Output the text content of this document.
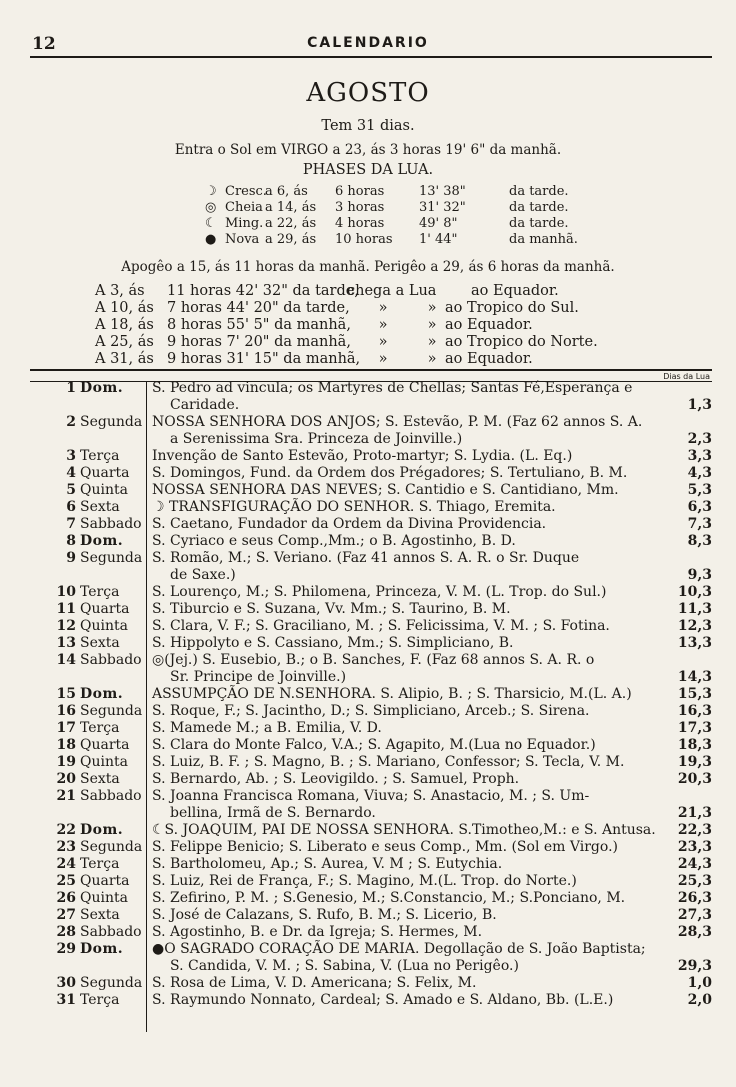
12	CALENDARIO
AGOSTO
Tem 31 dias.
Entra o Sol em VIRGO a 23, ás 3 horas 19' 6" da manhã.
PHASES DA LUA.
☽ Cresc.a 6, ás 6 horas	13' 38"	da tarde.
◎ Cheia a 14, ás 3 horas	31' 32"	da tarde.
☾ Ming. a 22, ás 4 horas	49' 8"	da tarde.
● Nova a 29, ás 10 horas 1' 44"	da manhã.
Apogêo a 15, ás 11 horas da manhã. Perigêo a 29, ás 6 horas da manhã.
A 3, ás 11 horas 42' 32" da tarde,chega a Lua ao Equador.
A 10, ás 7 horas 44' 20" da tarde, »	» ao Tropico do Sul.
A 18, ás 8 horas 55' 5" da manhã, »	» ao Equador.
A 25, ás 9 horas 7' 20" da manhã, »	» ao Tropico do Norte.
A 31, ás 9 horas 31' 15" da manhã, »	» ao Equador.
Dias da Lua
1 Dom. S. Pedro ad vincula; os Martyres de Chellas; Santas Fé,Esperança e
Caridade.	1,3
2 Segunda NOSSA SENHORA DOS ANJOS; S. Estevão, P. M. (Faz 62 annos S. A.
a Serenissima Sra. Princeza de Joinville.)	2,3
3 Terça Invenção de Santo Estevão, Proto-martyr; S. Lydia. (L. Eq.)	3,3
4 Quarta S. Domingos, Fund. da Ordem dos Prégadores; S. Tertuliano, B. M.	4,3
5 Quinta NOSSA SENHORA DAS NEVES; S. Cantidio e S. Cantidiano, Mm.	5,3
6 Sexta ☽ TRANSFIGURAÇÃO DO SENHOR. S. Thiago, Eremita.	6,3
7 Sabbado S. Caetano, Fundador da Ordem da Divina Providencia.	7,3
8 Dom. S. Cyriaco e seus Comp.,Mm.; o B. Agostinho, B. D.	8,3
9 Segunda S. Romão, M.; S. Veriano. (Faz 41 annos S. A. R. o Sr. Duque
de Saxe.)	9,3
10 Terça S. Lourenço, M.; S. Philomena, Princeza, V. M. (L. Trop. do Sul.)	10,3
11 Quarta S. Tiburcio e S. Suzana, Vv. Mm.; S. Taurino, B. M.	11,3
12 Quinta S. Clara, V. F.; S. Graciliano, M. ; S. Felicissima, V. M. ; S. Fotina.	12,3
13 Sexta S. Hippolyto e S. Cassiano, Mm.; S. Simpliciano, B.	13,3
14 Sabbado ◎(Jej.) S. Eusebio, B.; o B. Sanches, F. (Faz 68 annos S. A. R. o
Sr. Principe de Joinville.)	14,3
15 Dom. ASSUMPÇÃO DE N.SENHORA. S. Alipio, B. ; S. Tharsicio, M.(L. A.)	15,3
16 Segunda S. Roque, F.; S. Jacintho, D.; S. Simpliciano, Arceb.; S. Sirena.	16,3
17 Terça S. Mamede M.; a B. Emilia, V. D.	17,3
18 Quarta S. Clara do Monte Falco, V.A.; S. Agapito, M.(Lua no Equador.)	18,3
19 Quinta S. Luiz, B. F. ; S. Magno, B. ; S. Mariano, Confessor; S. Tecla, V. M.	19,3
20 Sexta S. Bernardo, Ab. ; S. Leovigildo. ; S. Samuel, Proph.	20,3
21 Sabbado S. Joanna Francisca Romana, Viuva; S. Anastacio, M. ; S. Um-
bellina, Irmã de S. Bernardo.	21,3
22 Dom. ☾S. JOAQUIM, PAI DE NOSSA SENHORA. S.Timotheo,M.: e S. Antusa.	22,3
23 Segunda S. Felippe Benicio; S. Liberato e seus Comp., Mm. (Sol em Virgo.)	23,3
24 Terça S. Bartholomeu, Ap.; S. Aurea, V. M ; S. Eutychia.	24,3
25 Quarta S. Luiz, Rei de França, F.; S. Magino, M.(L. Trop. do Norte.)	25,3
26 Quinta S. Zefirino, P. M. ; S.Genesio, M.; S.Constancio, M.; S.Ponciano, M.	26,3
27 Sexta S. José de Calazans, S. Rufo, B. M.; S. Licerio, B.	27,3
28 Sabbado S. Agostinho, B. e Dr. da Igreja; S. Hermes, M.	28,3
29 Dom. ●O SAGRADO CORAÇÃO DE MARIA. Degollação de S. João Baptista;
S. Candida, V. M. ; S. Sabina, V. (Lua no Perigêo.)	29,3
30 Segunda S. Rosa de Lima, V. D. Americana; S. Felix, M.	1,0
31 Terça S. Raymundo Nonnato, Cardeal; S. Amado e S. Aldano, Bb. (L.E.)	2,0
